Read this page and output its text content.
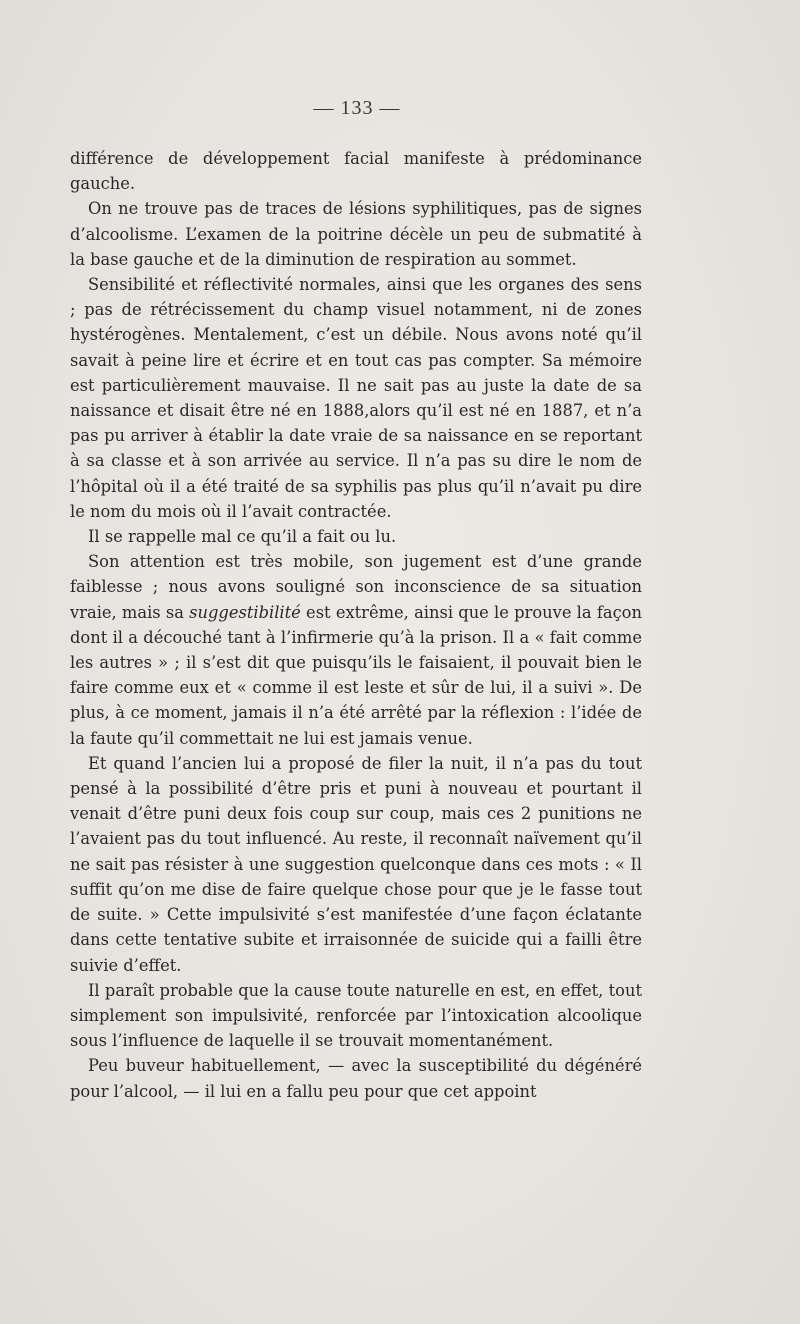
— 133 —

différence de développement facial manifeste à prédominance gauche.

On ne trouve pas de traces de lésions syphilitiques, pas de signes d’alcoolisme. L’examen de la poitrine décèle un peu de submatité à la base gauche et de la diminution de respiration au sommet.

Sensibilité et réflectivité normales, ainsi que les organes des sens ; pas de rétrécissement du champ visuel notamment, ni de zones hystérogènes. Mentalement, c’est un débile. Nous avons noté qu’il savait à peine lire et écrire et en tout cas pas compter. Sa mémoire est particulièrement mauvaise. Il ne sait pas au juste la date de sa naissance et disait être né en 1888,alors qu’il est né en 1887, et n’a pas pu arriver à établir la date vraie de sa naissance en se reportant à sa classe et à son arrivée au service. Il n’a pas su dire le nom de l’hôpital où il a été traité de sa syphilis pas plus qu’il n’avait pu dire le nom du mois où il l’avait contractée.

Il se rappelle mal ce qu’il a fait ou lu.

Son attention est très mobile, son jugement est d’une grande faiblesse ; nous avons souligné son inconscience de sa situation vraie, mais sa suggestibilité est extrême, ainsi que le prouve la façon dont il a découché tant à l’infirmerie qu’à la prison. Il a « fait comme les autres » ; il s’est dit que puisqu’ils le faisaient, il pouvait bien le faire comme eux et « comme il est leste et sûr de lui, il a suivi ». De plus, à ce moment, jamais il n’a été arrêté par la réflexion : l’idée de la faute qu’il commettait ne lui est jamais venue.

Et quand l’ancien lui a proposé de filer la nuit, il n’a pas du tout pensé à la possibilité d’être pris et puni à nouveau et pourtant il venait d’être puni deux fois coup sur coup, mais ces 2 punitions ne l’avaient pas du tout influencé. Au reste, il reconnaît naïvement qu’il ne sait pas résister à une suggestion quelconque dans ces mots : « Il suffit qu’on me dise de faire quelque chose pour que je le fasse tout de suite. » Cette impulsivité s’est manifestée d’une façon éclatante dans cette tentative subite et irraisonnée de suicide qui a failli être suivie d’effet.

Il paraît probable que la cause toute naturelle en est, en effet, tout simplement son impulsivité, renforcée par l’intoxication alcoolique sous l’influence de laquelle il se trouvait momentanément.

Peu buveur habituellement, — avec la susceptibilité du dégénéré pour l’alcool, — il lui en a fallu peu pour que cet appoint
